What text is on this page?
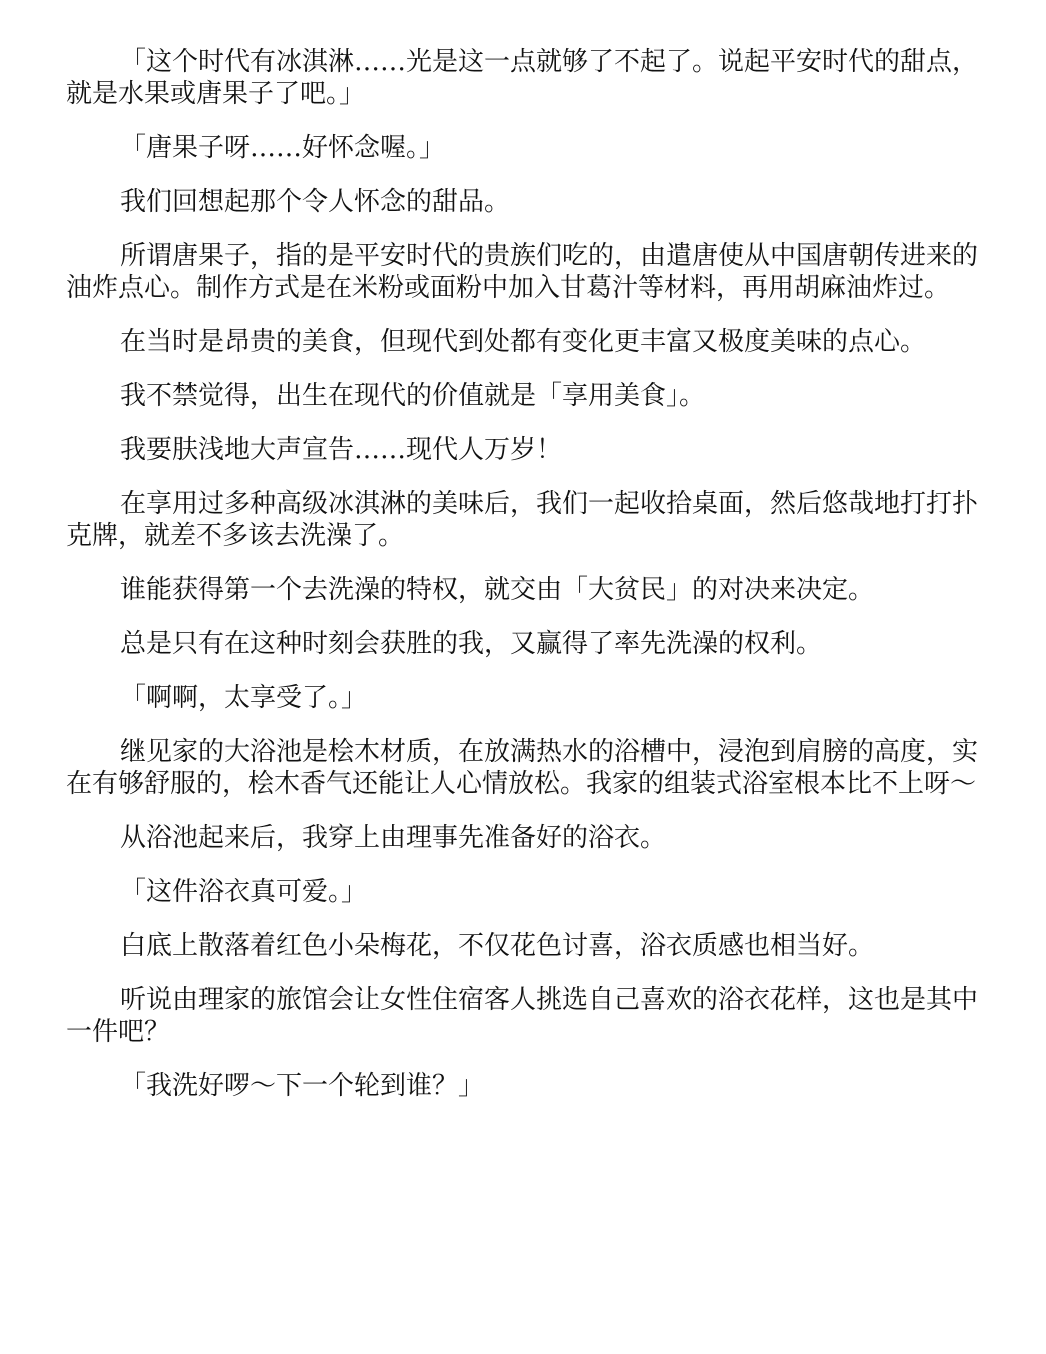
「这个时代有冰淇淋……光是这一点就够了不起了。说起平安时代的甜点，就是水果或唐果子了吧。」

「唐果子呀……好怀念喔。」

我们回想起那个令人怀念的甜品。

所谓唐果子，指的是平安时代的贵族们吃的，由遣唐使从中国唐朝传进来的油炸点心。制作方式是在米粉或面粉中加入甘葛汁等材料，再用胡麻油炸过。

在当时是昂贵的美食，但现代到处都有变化更丰富又极度美味的点心。

我不禁觉得，出生在现代的价值就是「享用美食」。

我要肤浅地大声宣告……现代人万岁！

在享用过多种高级冰淇淋的美味后，我们一起收拾桌面，然后悠哉地打打扑克牌，就差不多该去洗澡了。

谁能获得第一个去洗澡的特权，就交由「大贫民」的对决来决定。

总是只有在这种时刻会获胜的我，又赢得了率先洗澡的权利。

「啊啊，太享受了。」

继见家的大浴池是桧木材质，在放满热水的浴槽中，浸泡到肩膀的高度，实在有够舒服的，桧木香气还能让人心情放松。我家的组装式浴室根本比不上呀～

从浴池起来后，我穿上由理事先准备好的浴衣。

「这件浴衣真可爱。」

白底上散落着红色小朵梅花，不仅花色讨喜，浴衣质感也相当好。

听说由理家的旅馆会让女性住宿客人挑选自己喜欢的浴衣花样，这也是其中一件吧？

「我洗好啰～下一个轮到谁？」
